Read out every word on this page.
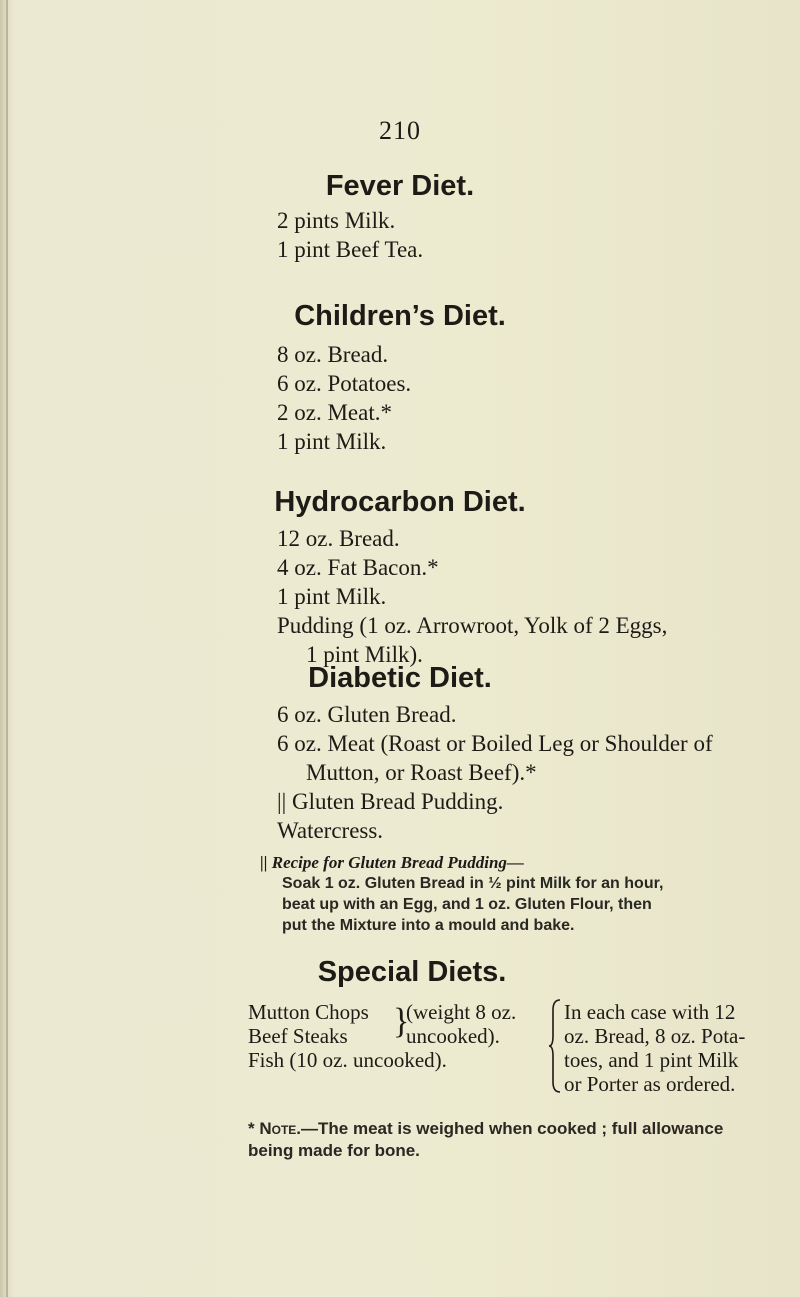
210
Fever Diet.
2 pints Milk.
1 pint Beef Tea.
Children’s Diet.
8 oz. Bread.
6 oz. Potatoes.
2 oz. Meat.*
1 pint Milk.
Hydrocarbon Diet.
12 oz. Bread.
4 oz. Fat Bacon.*
1 pint Milk.
Pudding (1 oz. Arrowroot, Yolk of 2 Eggs,
1 pint Milk).
Diabetic Diet.
6 oz. Gluten Bread.
6 oz. Meat (Roast or Boiled Leg or Shoulder of
Mutton, or Roast Beef).*
|| Gluten Bread Pudding.
Watercress.
|| Recipe for Gluten Bread Pudding—
Soak 1 oz. Gluten Bread in ½ pint Milk for an hour,
beat up with an Egg, and 1 oz. Gluten Flour, then
put the Mixture into a mould and bake.
Special Diets.
Mutton Chops
Beef Steaks
Fish (10 oz. uncooked).
}
(weight 8 oz.
uncooked).
In each case with 12
oz. Bread, 8 oz. Pota-
toes, and 1 pint Milk
or Porter as ordered.
* Note.—The meat is weighed when cooked ; full allowance
being made for bone.
